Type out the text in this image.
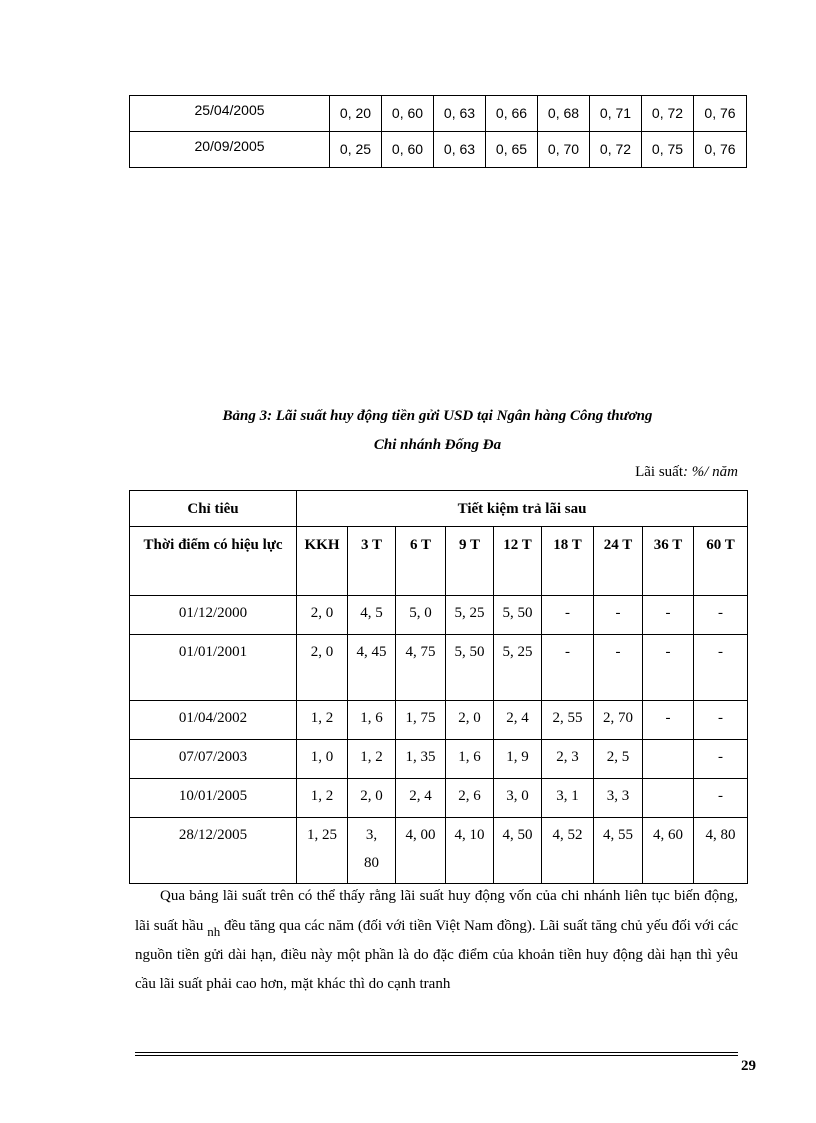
25/04/2005	0, 20	0, 60	0, 63	0, 66	0, 68	0, 71	0, 72	0, 76
20/09/2005	0, 25	0, 60	0, 63	0, 65	0, 70	0, 72	0, 75	0, 76
Bảng 3: Lãi suất huy động tiền gửi USD tại Ngân hàng Công thương
Chi nhánh Đống Đa
Lãi suất: %/ năm
Chỉ tiêu	Tiết kiệm trả lãi sau								
Thời điểm có hiệu lực	KKH	3 T	6 T	9 T	12 T	18 T	24 T	36 T	60 T
01/12/2000	2, 0	4, 5	5, 0	5, 25	5, 50	-	-	-	-
01/01/2001	2, 0	4, 45	4, 75	5, 50	5, 25	-	-	-	-
01/04/2002	1, 2	1, 6	1, 75	2, 0	2, 4	2, 55	2, 70	-	-
07/07/2003	1, 0	1, 2	1, 35	1, 6	1, 9	2, 3	2, 5		-
10/01/2005	1, 2	2, 0	2, 4	2, 6	3, 0	3, 1	3, 3		-
28/12/2005	1, 25	3, 80	4, 00	4, 10	4, 50	4, 52	4, 55	4, 60	4, 80

Qua bảng lãi suất trên có thể thấy rằng lãi suất huy động vốn của chi nhánh liên tục biến động, lãi suất hầu nh đều tăng qua các năm (đối với tiền Việt Nam đồng). Lãi suất tăng chủ yếu đối với các nguồn tiền gửi dài hạn, điều này một phần là do đặc điểm của khoản tiền huy động dài hạn thì yêu cầu lãi suất phải cao hơn, mặt khác thì do cạnh tranh

29
